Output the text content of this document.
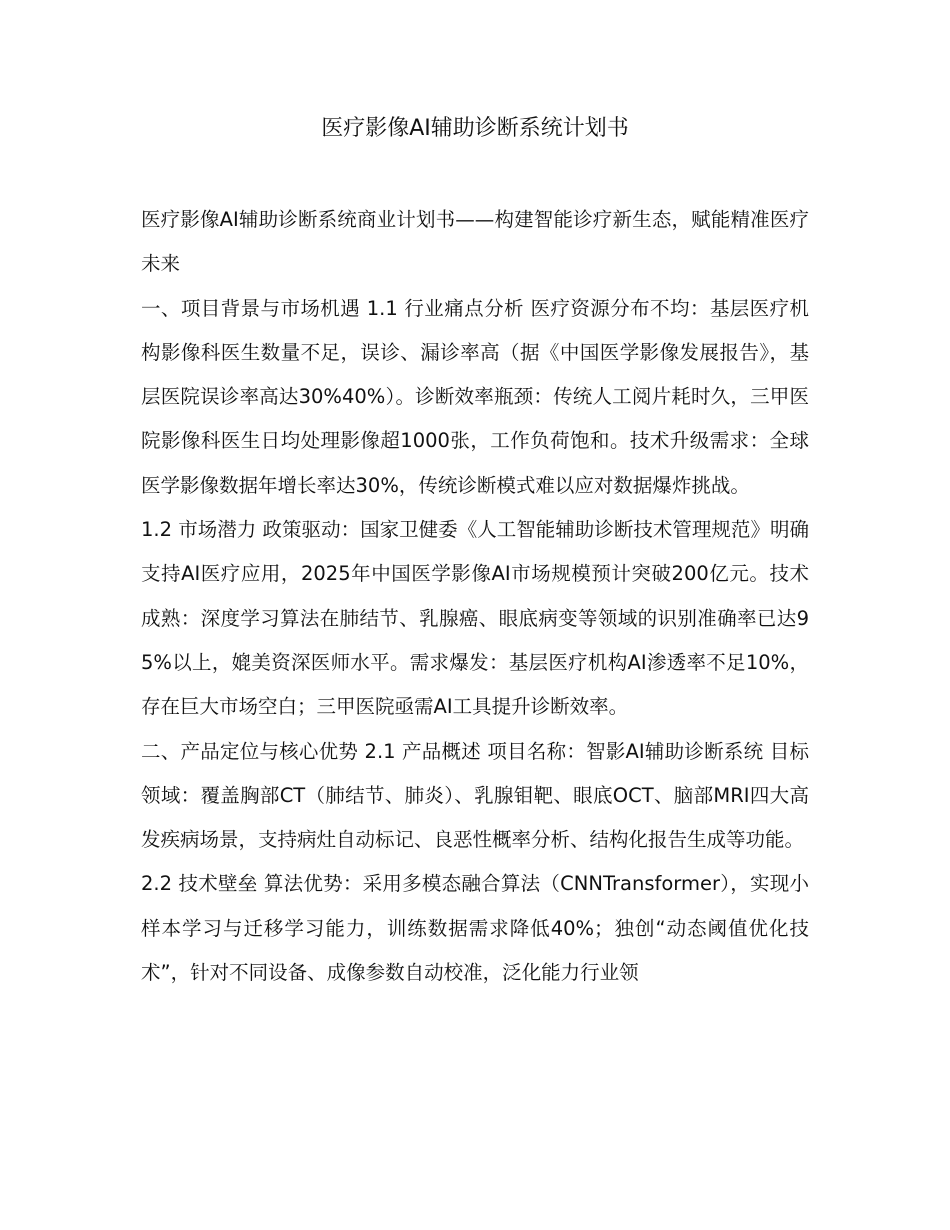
医疗影像AI辅助诊断系统计划书

医疗影像AI辅助诊断系统商业计划书——构建智能诊疗新生态，赋能精准医疗未来

一、项目背景与市场机遇 1.1 行业痛点分析 医疗资源分布不均：基层医疗机构影像科医生数量不足，误诊、漏诊率高（据《中国医学影像发展报告》，基层医院误诊率高达30%40%）。诊断效率瓶颈：传统人工阅片耗时久，三甲医院影像科医生日均处理影像超1000张，工作负荷饱和。技术升级需求：全球医学影像数据年增长率达30%，传统诊断模式难以应对数据爆炸挑战。

1.2 市场潜力 政策驱动：国家卫健委《人工智能辅助诊断技术管理规范》明确支持AI医疗应用，2025年中国医学影像AI市场规模预计突破200亿元。技术成熟：深度学习算法在肺结节、乳腺癌、眼底病变等领域的识别准确率已达95%以上，媲美资深医师水平。需求爆发：基层医疗机构AI渗透率不足10%，存在巨大市场空白；三甲医院亟需AI工具提升诊断效率。

二、产品定位与核心优势 2.1 产品概述 项目名称：智影AI辅助诊断系统 目标领域：覆盖胸部CT（肺结节、肺炎）、乳腺钼靶、眼底OCT、脑部MRI四大高发疾病场景，支持病灶自动标记、良恶性概率分析、结构化报告生成等功能。

2.2 技术壁垒 算法优势：采用多模态融合算法（CNNTransformer），实现小样本学习与迁移学习能力，训练数据需求降低40%；独创“动态阈值优化技术”，针对不同设备、成像参数自动校准，泛化能力行业领
